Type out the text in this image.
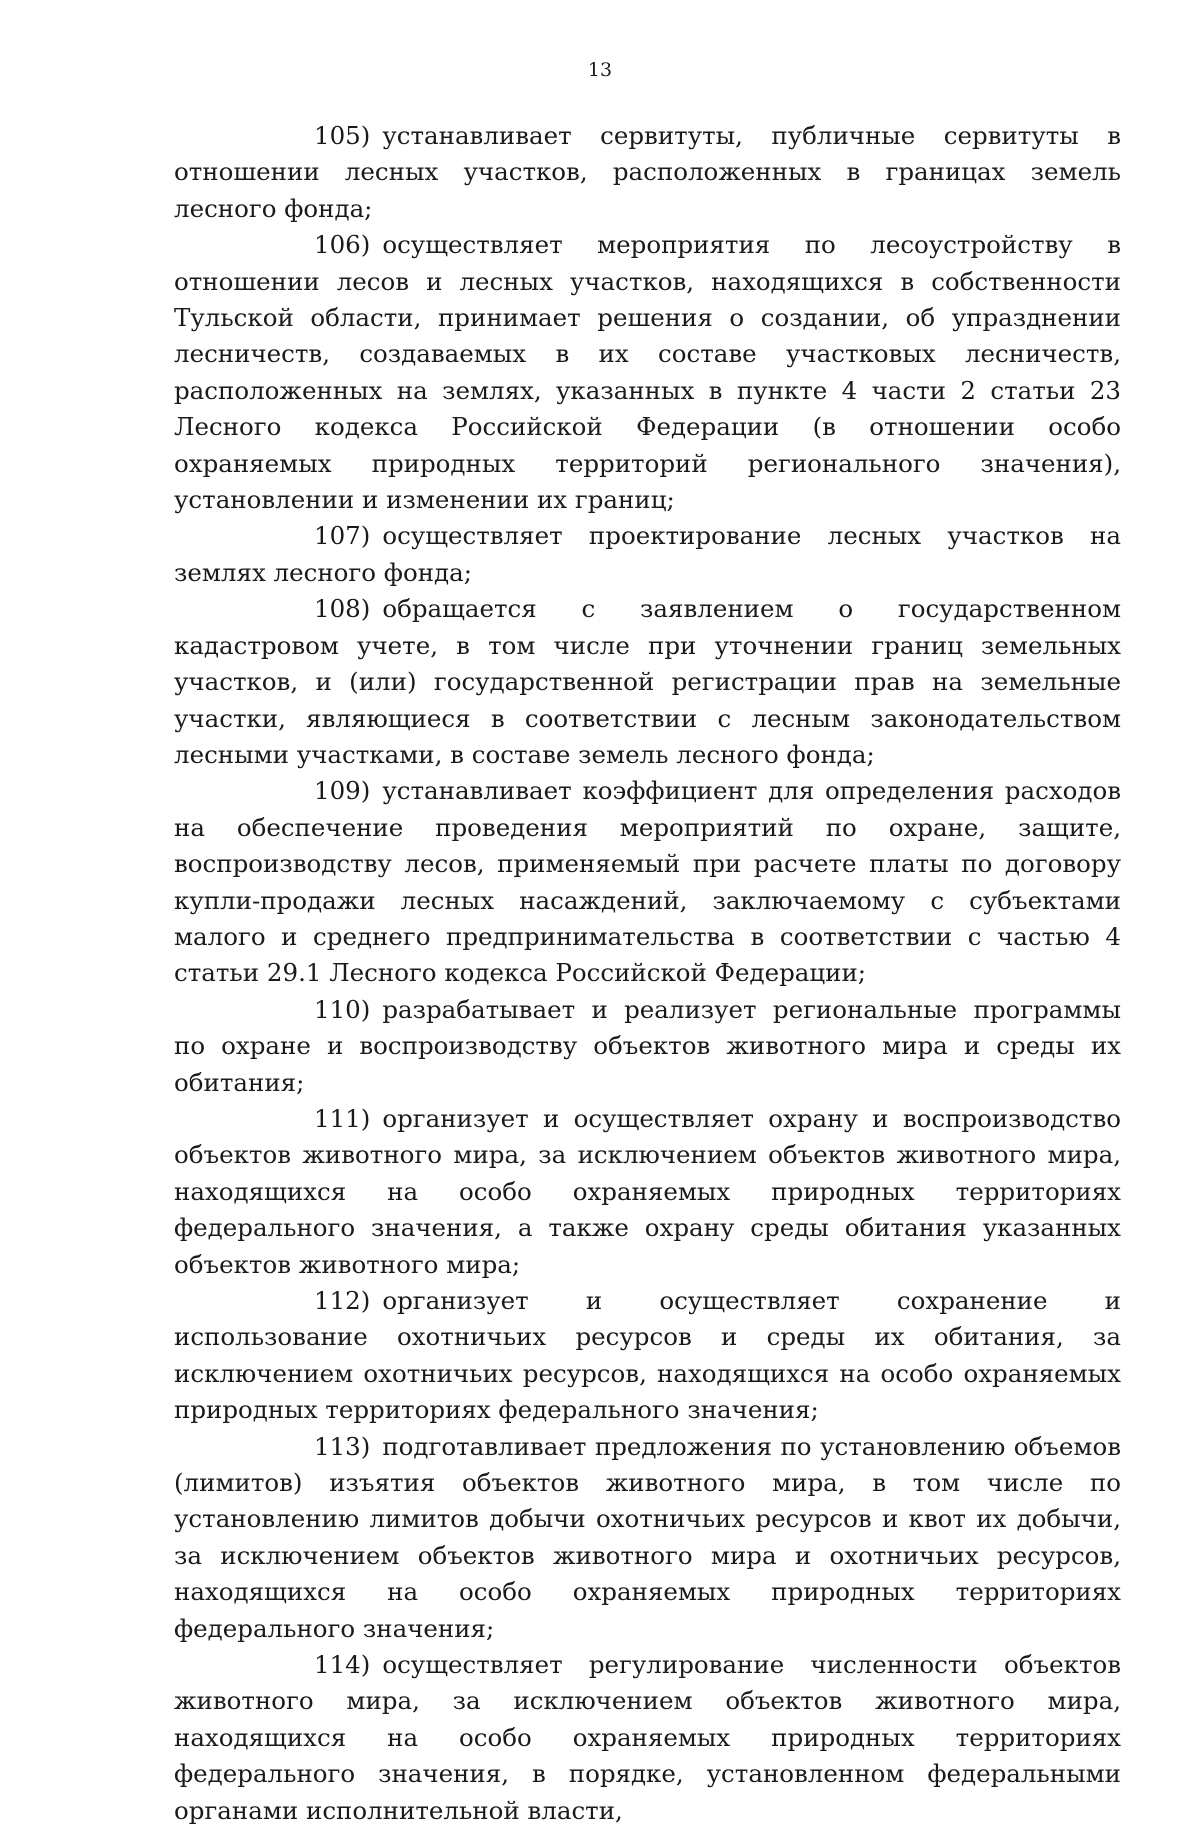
13

105) устанавливает сервитуты, публичные сервитуты в отношении лесных участков, расположенных в границах земель лесного фонда;

106) осуществляет мероприятия по лесоустройству в отношении лесов и лесных участков, находящихся в собственности Тульской области, принимает решения о создании, об упразднении лесничеств, создаваемых в их составе участковых лесничеств, расположенных на землях, указанных в пункте 4 части 2 статьи 23 Лесного кодекса Российской Федерации (в отношении особо охраняемых природных территорий регионального значения), установлении и изменении их границ;

107) осуществляет проектирование лесных участков на землях лесного фонда;

108) обращается с заявлением о государственном кадастровом учете, в том числе при уточнении границ земельных участков, и (или) государственной регистрации прав на земельные участки, являющиеся в соответствии с лесным законодательством лесными участками, в составе земель лесного фонда;

109) устанавливает коэффициент для определения расходов на обеспечение проведения мероприятий по охране, защите, воспроизводству лесов, применяемый при расчете платы по договору купли-продажи лесных насаждений, заключаемому с субъектами малого и среднего предпринимательства в соответствии с частью 4 статьи 29.1 Лесного кодекса Российской Федерации;

110) разрабатывает и реализует региональные программы по охране и воспроизводству объектов животного мира и среды их обитания;

111) организует и осуществляет охрану и воспроизводство объектов животного мира, за исключением объектов животного мира, находящихся на особо охраняемых природных территориях федерального значения, а также охрану среды обитания указанных объектов животного мира;

112) организует и осуществляет сохранение и использование охотничьих ресурсов и среды их обитания, за исключением охотничьих ресурсов, находящихся на особо охраняемых природных территориях федерального значения;

113) подготавливает предложения по установлению объемов (лимитов) изъятия объектов животного мира, в том числе по установлению лимитов добычи охотничьих ресурсов и квот их добычи, за исключением объектов животного мира и охотничьих ресурсов, находящихся на особо охраняемых природных территориях федерального значения;

114) осуществляет регулирование численности объектов животного мира, за исключением объектов животного мира, находящихся на особо охраняемых природных территориях федерального значения, в порядке, установленном федеральными органами исполнительной власти,
